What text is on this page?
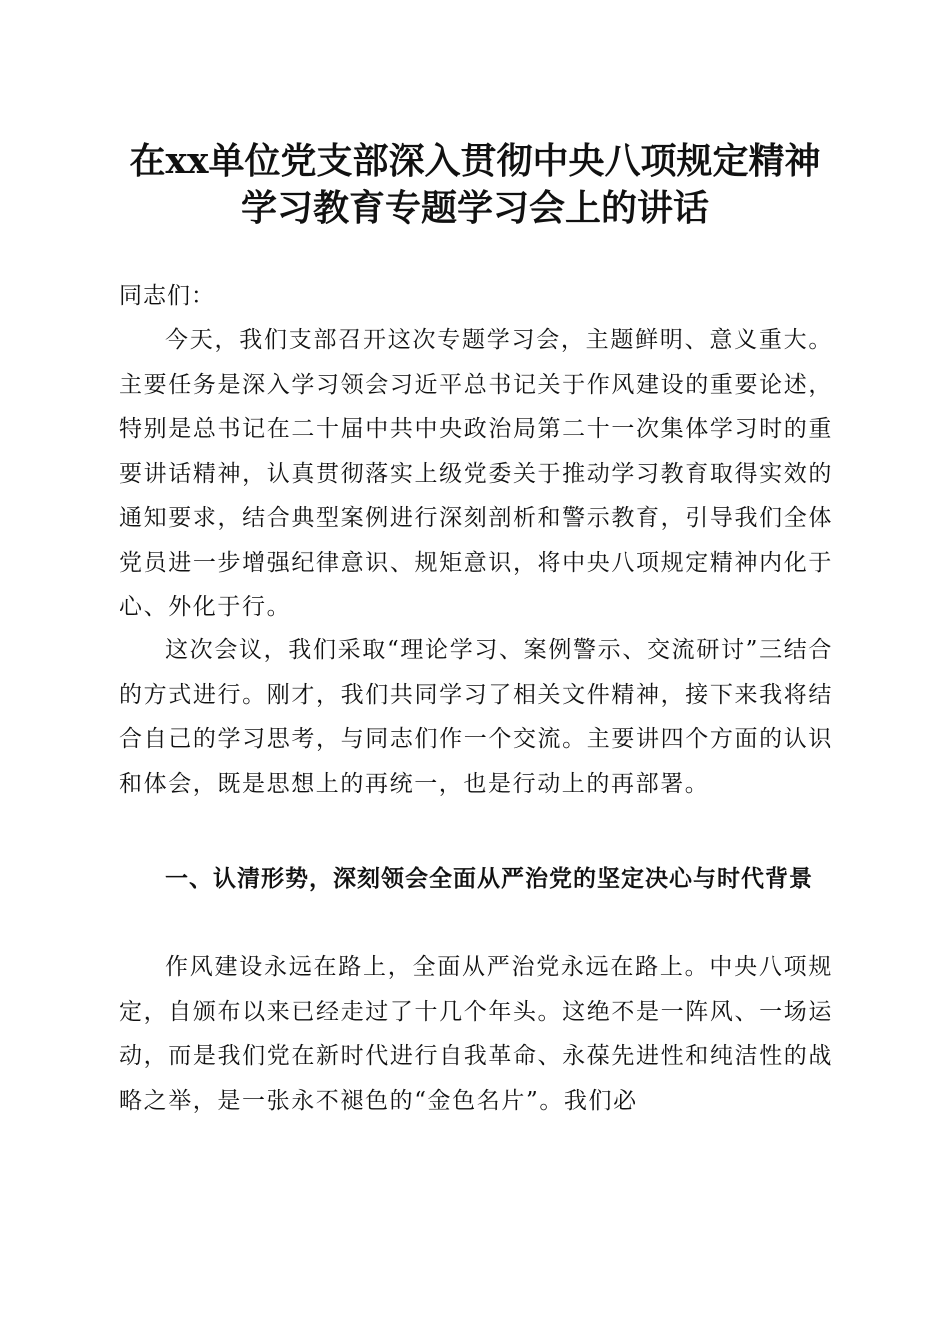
在xx单位党支部深入贯彻中央八项规定精神
学习教育专题学习会上的讲话

同志们：

今天，我们支部召开这次专题学习会，主题鲜明、意义重大。主要任务是深入学习领会习近平总书记关于作风建设的重要论述，特别是总书记在二十届中共中央政治局第二十一次集体学习时的重要讲话精神，认真贯彻落实上级党委关于推动学习教育取得实效的通知要求，结合典型案例进行深刻剖析和警示教育，引导我们全体党员进一步增强纪律意识、规矩意识，将中央八项规定精神内化于心、外化于行。

这次会议，我们采取“理论学习、案例警示、交流研讨”三结合的方式进行。刚才，我们共同学习了相关文件精神，接下来我将结合自己的学习思考，与同志们作一个交流。主要讲四个方面的认识和体会，既是思想上的再统一，也是行动上的再部署。

一、认清形势，深刻领会全面从严治党的坚定决心与时代背景

作风建设永远在路上，全面从严治党永远在路上。中央八项规定，自颁布以来已经走过了十几个年头。这绝不是一阵风、一场运动，而是我们党在新时代进行自我革命、永葆先进性和纯洁性的战略之举，是一张永不褪色的“金色名片”。我们必
